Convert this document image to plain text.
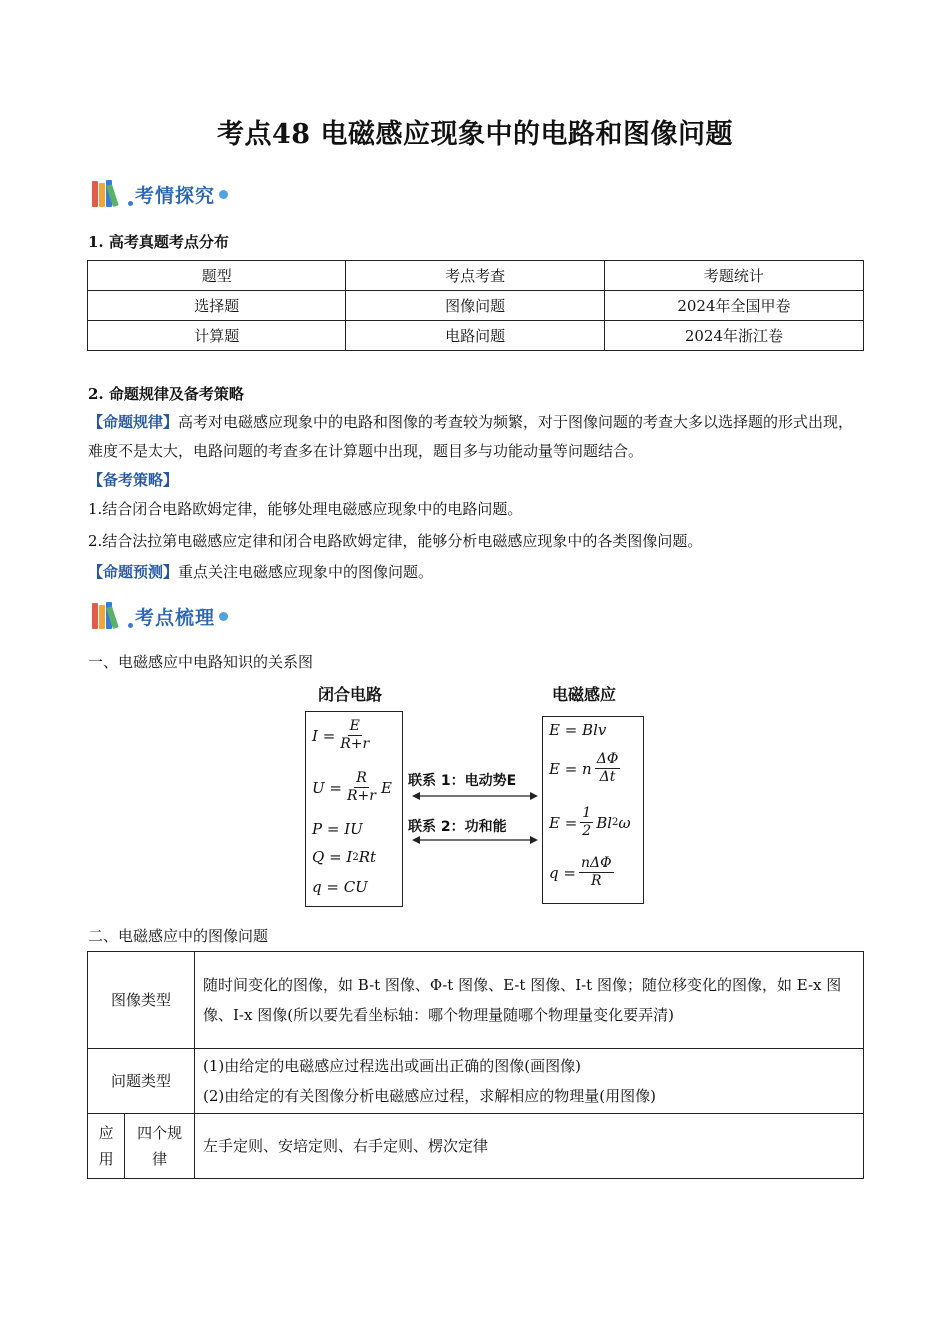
考点48 电磁感应现象中的电路和图像问题
考情探究
1. 高考真题考点分布
题型	考点考查	考题统计
选择题	图像问题	2024年全国甲卷
计算题	电路问题	2024年浙江卷
2. 命题规律及备考策略
【命题规律】高考对电磁感应现象中的电路和图像的考查较为频繁，对于图像问题的考查大多以选择题的形式出现，难度不是太大，电路问题的考查多在计算题中出现，题目多与功能动量等问题结合。
【备考策略】
1.结合闭合电路欧姆定律，能够处理电磁感应现象中的电路问题。
2.结合法拉第电磁感应定律和闭合电路欧姆定律，能够分析电磁感应现象中的各类图像问题。
【命题预测】重点关注电磁感应现象中的图像问题。
考点梳理
一、电磁感应中电路知识的关系图
闭合电路	电磁感应
$I = \frac{E}{R+r}$
$U = \frac{R}{R+r}$ E
P = IU
Q = I 2 Rt
q = CU
联系 1：电动势E
联系 2：功和能
E = Blv
E = n $\frac{\Delta\Phi}{\Delta t}$
$E = \frac{1}{2}$ Bl 2 ω
$q = \frac{\text{nΔΦ}}{R}$
二、电磁感应中的图像问题
图像类型		随时间变化的图像，如 B-t 图像、Φ-t 图像、E-t 图像、I-t 图像；随位移变化的图像，如 E-x 图像、I-x 图像(所以要先看坐标轴：哪个物理量随哪个物理量变化要弄清)
问题类型		(1)由给定的电磁感应过程选出或画出正确的图像(画图像)
(2)由给定的有关图像分析电磁感应过程，求解相应的物理量(用图像)

应用	四个规律	左手定则、安培定则、右手定则、楞次定律
